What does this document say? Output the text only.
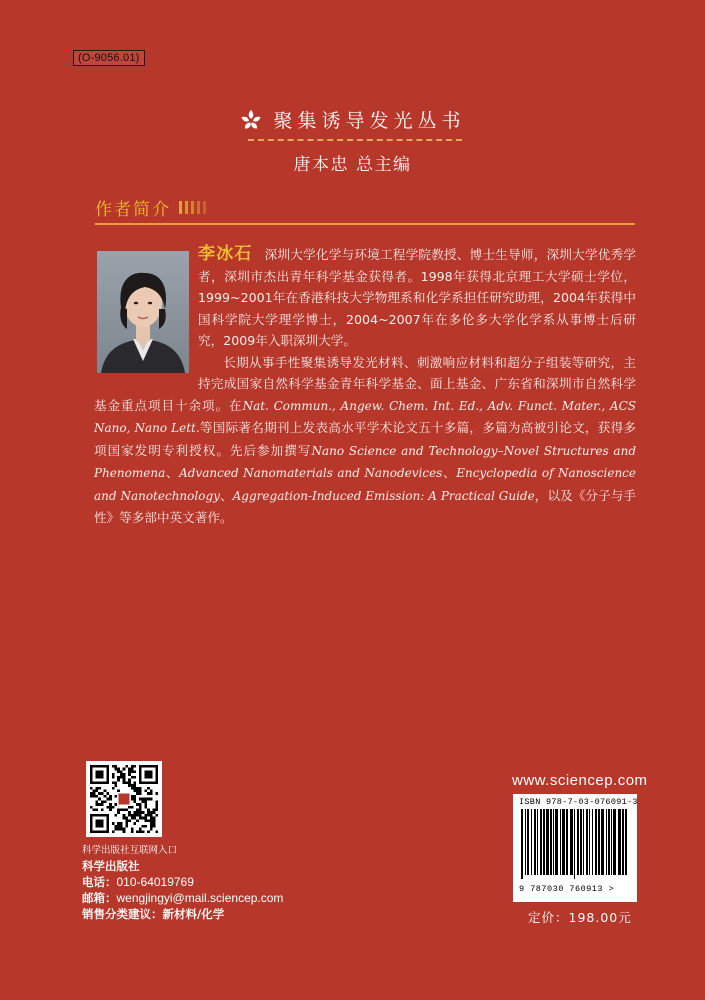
(O-9056.01)
聚集诱导发光丛书
唐本忠 总主编
作者简介

李冰石 深圳大学化学与环境工程学院教授、博士生导师，深圳大学优秀学者，深圳市杰出青年科学基金获得者。1998年获得北京理工大学硕士学位，1999~2001年在香港科技大学物理系和化学系担任研究助理，2004年获得中国科学院大学理学博士，2004~2007年在多伦多大学化学系从事博士后研究，2009年入职深圳大学。

长期从事手性聚集诱导发光材料、刺激响应材料和超分子组装等研究，主持完成国家自然科学基金青年科学基金、面上基金、广东省和深圳市自然科学基金重点项目十余项。在Nat. Commun., Angew. Chem. Int. Ed., Adv. Funct. Mater., ACS Nano, Nano Lett.等国际著名期刊上发表高水平学术论文五十多篇，多篇为高被引论文，获得多项国家发明专利授权。先后参加撰写Nano Science and Technology–Novel Structures and Phenomena、Advanced Nanomaterials and Nanodevices、Encyclopedia of Nanoscience and Nanotechnology、Aggregation-Induced Emission: A Practical Guide，以及《分子与手性》等多部中英文著作。

科学出版社互联网入口
科学出版社
电话：010-64019769
邮箱：wengjingyi@mail.sciencep.com
销售分类建议：新材料/化学
www.sciencep.com
ISBN 978-7-03-076091-3
9 787030 760913 >
定价：198.00元
